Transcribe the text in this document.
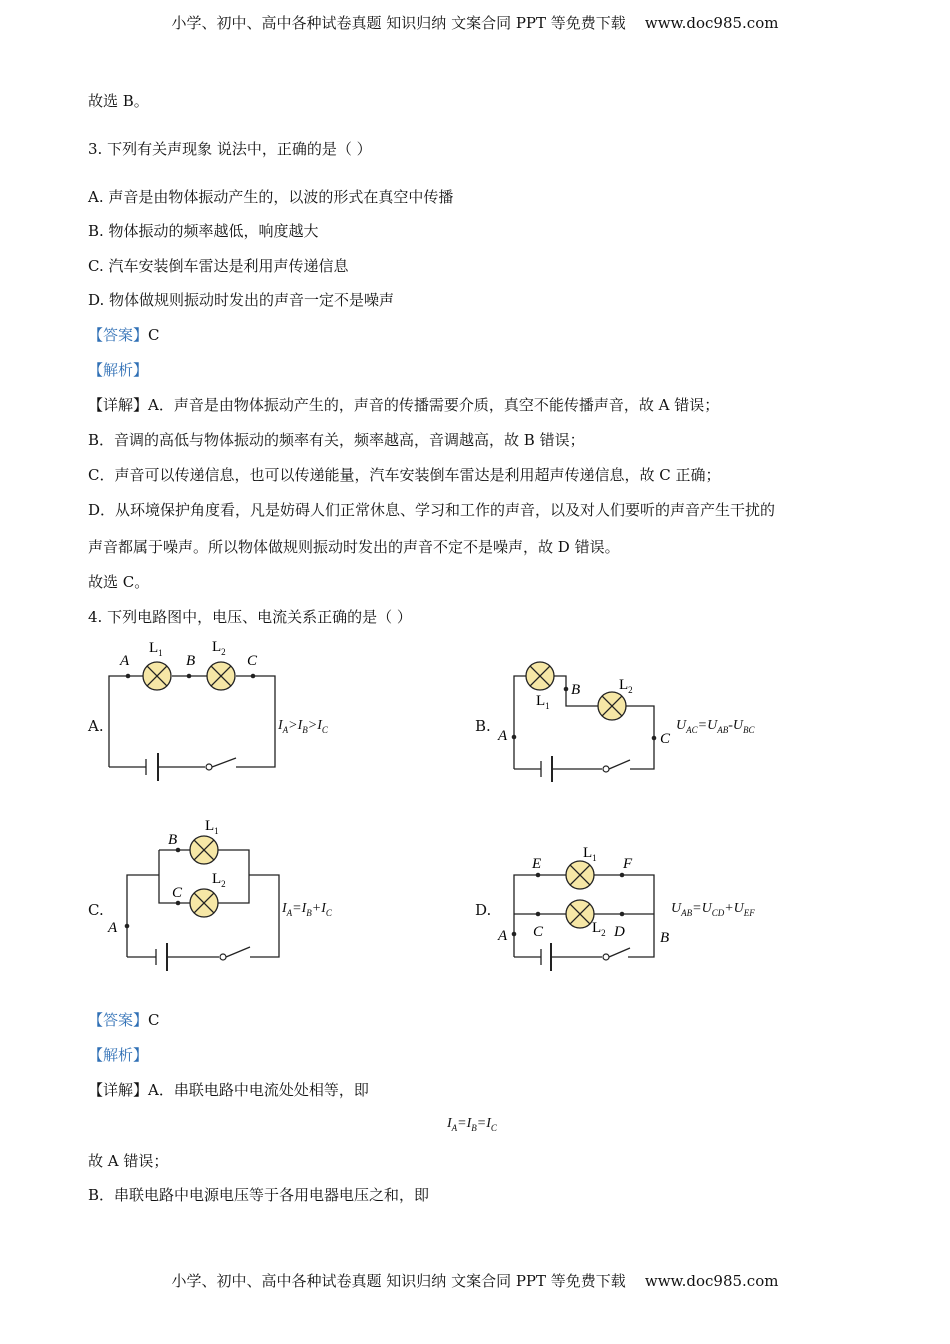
小学、初中、高中各种试卷真题 知识归纳 文案合同 PPT 等免费下载    www.doc985.com
故选 B。
3. 下列有关声现象 说法中，正确的是（ ）
A. 声音是由物体振动产生的，以波的形式在真空中传播
B. 物体振动的频率越低，响度越大
C. 汽车安装倒车雷达是利用声传递信息
D. 物体做规则振动时发出的声音一定不是噪声
【答案】C
【解析】
【详解】A．声音是由物体振动产生的，声音的传播需要介质，真空不能传播声音，故 A 错误；
B．音调的高低与物体振动的频率有关，频率越高，音调越高，故 B 错误；
C．声音可以传递信息，也可以传递能量，汽车安装倒车雷达是利用超声传递信息，故 C 正确；
D．从环境保护角度看，凡是妨碍人们正常休息、学习和工作的声音，以及对人们要听的声音产生干扰的
声音都属于噪声。所以物体做规则振动时发出的声音不定不是噪声，故 D 错误。
故选 C。
4. 下列电路图中，电压、电流关系正确的是（ ）
A.	B.
C.	D.
$I_A>I_B>I_C$	$U_{AC}=U_{AB}-U_{BC}$
$I_A=I_B+I_C$	$U_{AB}=U_{CD}+U_{EF}$
A	B	C
$L_1$	$L_2$
A
B
C
$L_1$
$L_2$
A
B
C
$L_1$
$L_2$
A	B
C	D
E	F
$L_1$
$L_2$
【答案】C
【解析】
【详解】A．串联电路中电流处处相等，即
$I_A=I_B=I_C$
故 A 错误；
B．串联电路中电源电压等于各用电器电压之和，即
小学、初中、高中各种试卷真题 知识归纳 文案合同 PPT 等免费下载    www.doc985.com
